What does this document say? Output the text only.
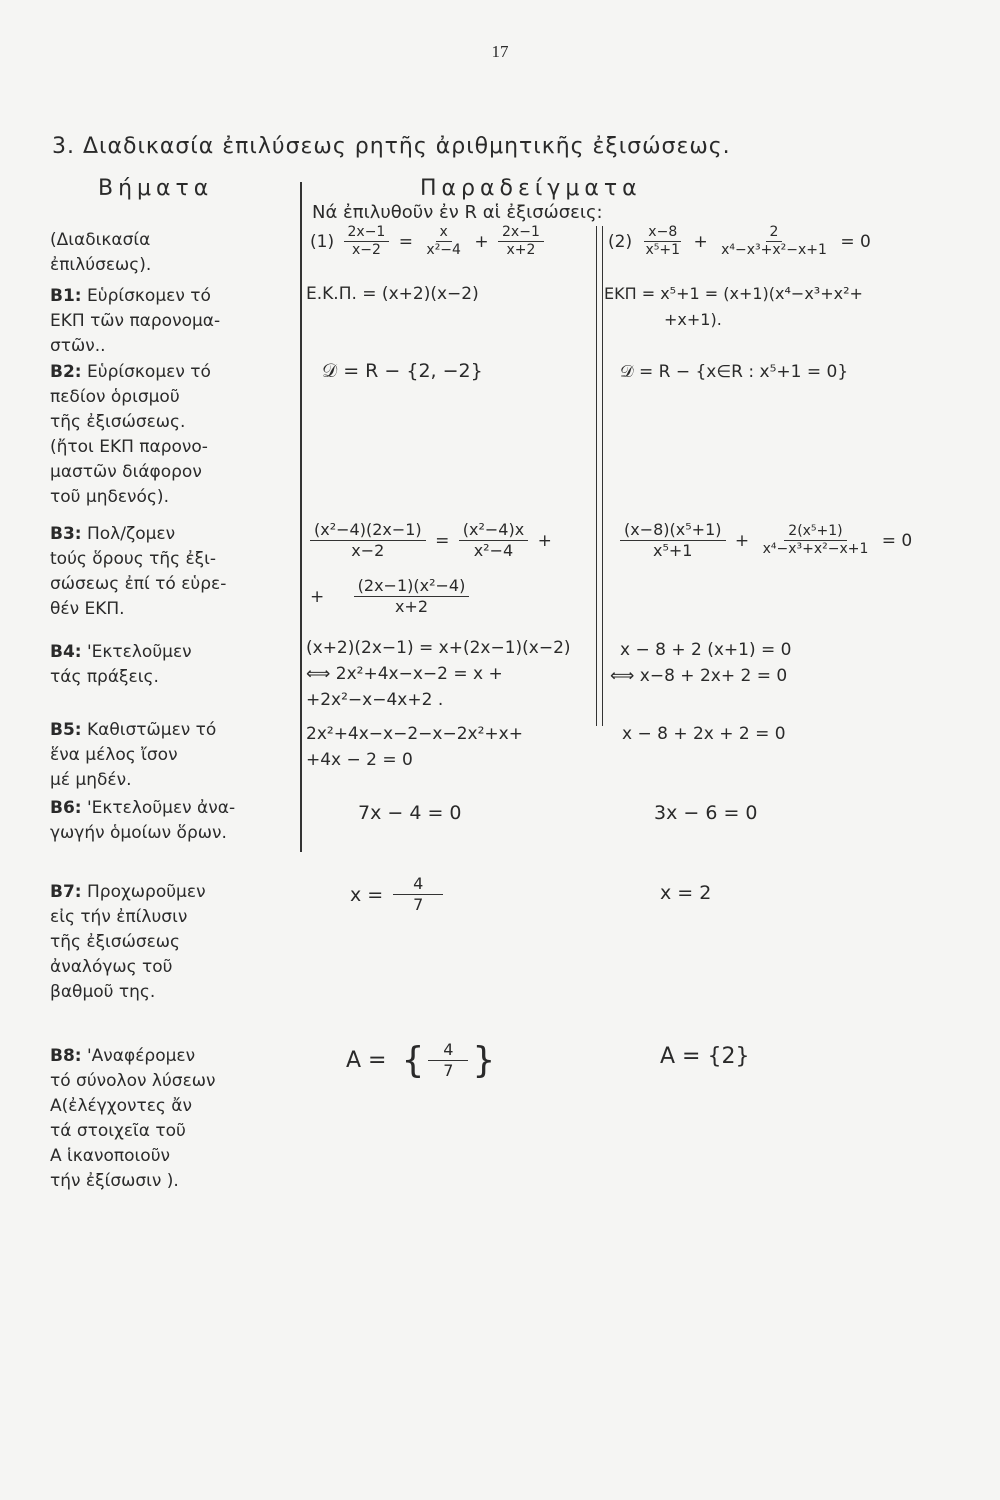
17
3. Διαδικασία ἐπιλύσεως ρητῆς ἀριθμητικῆς ἐξισώσεως.
Βήματα	Παραδείγματα
Νά ἐπιλυθοῦν ἐν R αἱ ἐξισώσεις:
(Διαδικασία
ἐπιλύσεως).
Β1: Εὑρίσκομεν τό
ΕΚΠ τῶν παρονομα-
στῶν..
Β2: Εὑρίσκομεν τό
πεδίον ὁρισμοῦ
τῆς ἐξισώσεως.
(ἤτοι ΕΚΠ παρονο-
μαστῶν διάφορον
τοῦ μηδενός).
Β3: Πολ/ζομεν
tούς ὅρους τῆς ἐξι-
σώσεως ἐπί τό εὑρε-
θέν ΕΚΠ.
Β4: 'Εκτελοῦμεν
τάς πράξεις.
Β5: Καθιστῶμεν τό
ἕνα μέλος ἴσον
μέ μηδέν.
Β6: 'Εκτελοῦμεν ἀνα-
γωγήν ὁμοίων ὅρων.
Β7: Προχωροῦμεν
εἰς τήν ἐπίλυσιν
τῆς ἐξισώσεως
ἀναλόγως τοῦ
βαθμοῦ της.
Β8: 'Αναφέρομεν
τό σύνολον λύσεων
Α(ἐλέγχοντες ἄν
τά στοιχεῖα τοῦ
Α ἱκανοποιοῦν
τήν ἐξίσωσιν ).
$(1) \frac{2x-1}{x-2} = \frac{x}{\text{x²−4}} + \frac{2x-1}{x+2}$
Ε.Κ.Π. = (x+2)(x−2)
𝒟 = R − {2, −2}
$\frac{\text{(x²−4)(2x−1)}}{x-2} = \frac{\text{(x²−4)x}}{\text{x²−4}}$ +
+ $\frac{\text{(2x−1)(x²−4)}}{x+2}$
(x+2)(2x−1) = x+(2x−1)(x−2)
⟺ 2x²+4x−x−2 = x +
+2x²−x−4x+2 .
2x²+4x−x−2−x−2x²+x+
+4x − 2 = 0
7x − 4 = 0
$x = \frac{4}{7}$
A = { $\frac{4}{7}$ }
$(2) \frac{x-8}{\text{x⁵+1}} + \frac{2}{\text{x⁴−x³+x²−x+1}} = 0$
ΕΚΠ = x⁵+1 = (x+1)(x⁴−x³+x²+
+x+1).
𝒟 = R − {x∈R : x⁵+1 = 0}
$\frac{\text{(x−8)(x⁵+1)}}{\text{x⁵+1}} + \frac{\text{2(x⁵+1)}}{\text{x⁴−x³+x²−x+1}} = 0$
x − 8 + 2 (x+1) = 0
⟺ x−8 + 2x+ 2 = 0
x − 8 + 2x + 2 = 0
3x − 6 = 0
x = 2
A = {2}
